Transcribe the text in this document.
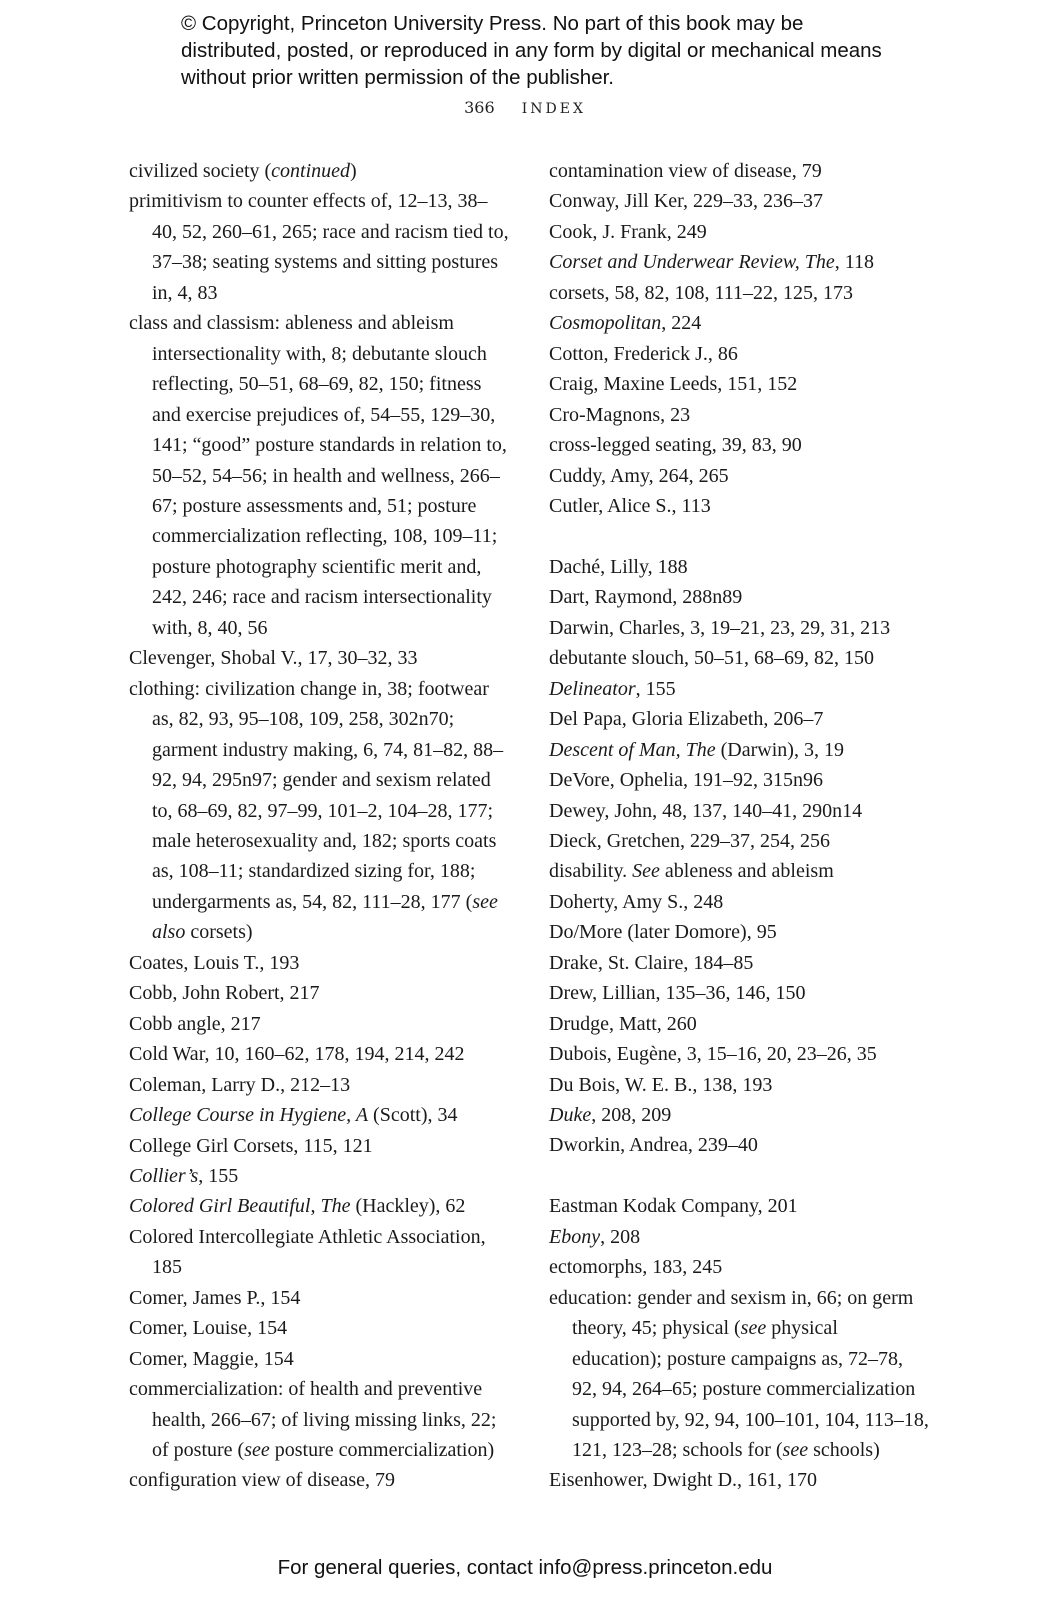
© Copyright, Princeton University Press. No part of this book may be distributed, posted, or reproduced in any form by digital or mechanical means without prior written permission of the publisher.
366 INDEX
civilized society (continued)
primitivism to counter effects of, 12–13, 38–40, 52, 260–61, 265; race and racism tied to, 37–38; seating systems and sitting postures in, 4, 83
class and classism: ableness and ableism intersectionality with, 8; debutante slouch reflecting, 50–51, 68–69, 82, 150; fitness and exercise prejudices of, 54–55, 129–30, 141; “good” posture standards in relation to, 50–52, 54–56; in health and wellness, 266–67; posture assessments and, 51; posture commercialization reflecting, 108, 109–11; posture photography scientific merit and, 242, 246; race and racism intersectionality with, 8, 40, 56
Clevenger, Shobal V., 17, 30–32, 33
clothing: civilization change in, 38; footwear as, 82, 93, 95–108, 109, 258, 302n70; garment industry making, 6, 74, 81–82, 88–92, 94, 295n97; gender and sexism related to, 68–69, 82, 97–99, 101–2, 104–28, 177; male heterosexuality and, 182; sports coats as, 108–11; standardized sizing for, 188; undergarments as, 54, 82, 111–28, 177 (see also corsets)
Coates, Louis T., 193
Cobb, John Robert, 217
Cobb angle, 217
Cold War, 10, 160–62, 178, 194, 214, 242
Coleman, Larry D., 212–13
College Course in Hygiene, A (Scott), 34
College Girl Corsets, 115, 121
Collier’s, 155
Colored Girl Beautiful, The (Hackley), 62
Colored Intercollegiate Athletic Association, 185
Comer, James P., 154
Comer, Louise, 154
Comer, Maggie, 154
commercialization: of health and preventive health, 266–67; of living missing links, 22; of posture (see posture commercialization)
configuration view of disease, 79
contamination view of disease, 79
Conway, Jill Ker, 229–33, 236–37
Cook, J. Frank, 249
Corset and Underwear Review, The, 118
corsets, 58, 82, 108, 111–22, 125, 173
Cosmopolitan, 224
Cotton, Frederick J., 86
Craig, Maxine Leeds, 151, 152
Cro-Magnons, 23
cross-legged seating, 39, 83, 90
Cuddy, Amy, 264, 265
Cutler, Alice S., 113
Daché, Lilly, 188
Dart, Raymond, 288n89
Darwin, Charles, 3, 19–21, 23, 29, 31, 213
debutante slouch, 50–51, 68–69, 82, 150
Delineator, 155
Del Papa, Gloria Elizabeth, 206–7
Descent of Man, The (Darwin), 3, 19
DeVore, Ophelia, 191–92, 315n96
Dewey, John, 48, 137, 140–41, 290n14
Dieck, Gretchen, 229–37, 254, 256
disability. See ableness and ableism
Doherty, Amy S., 248
Do/More (later Domore), 95
Drake, St. Claire, 184–85
Drew, Lillian, 135–36, 146, 150
Drudge, Matt, 260
Dubois, Eugène, 3, 15–16, 20, 23–26, 35
Du Bois, W. E. B., 138, 193
Duke, 208, 209
Dworkin, Andrea, 239–40
Eastman Kodak Company, 201
Ebony, 208
ectomorphs, 183, 245
education: gender and sexism in, 66; on germ theory, 45; physical (see physical education); posture campaigns as, 72–78, 92, 94, 264–65; posture commercialization supported by, 92, 94, 100–101, 104, 113–18, 121, 123–28; schools for (see schools)
Eisenhower, Dwight D., 161, 170
For general queries, contact info@press.princeton.edu
